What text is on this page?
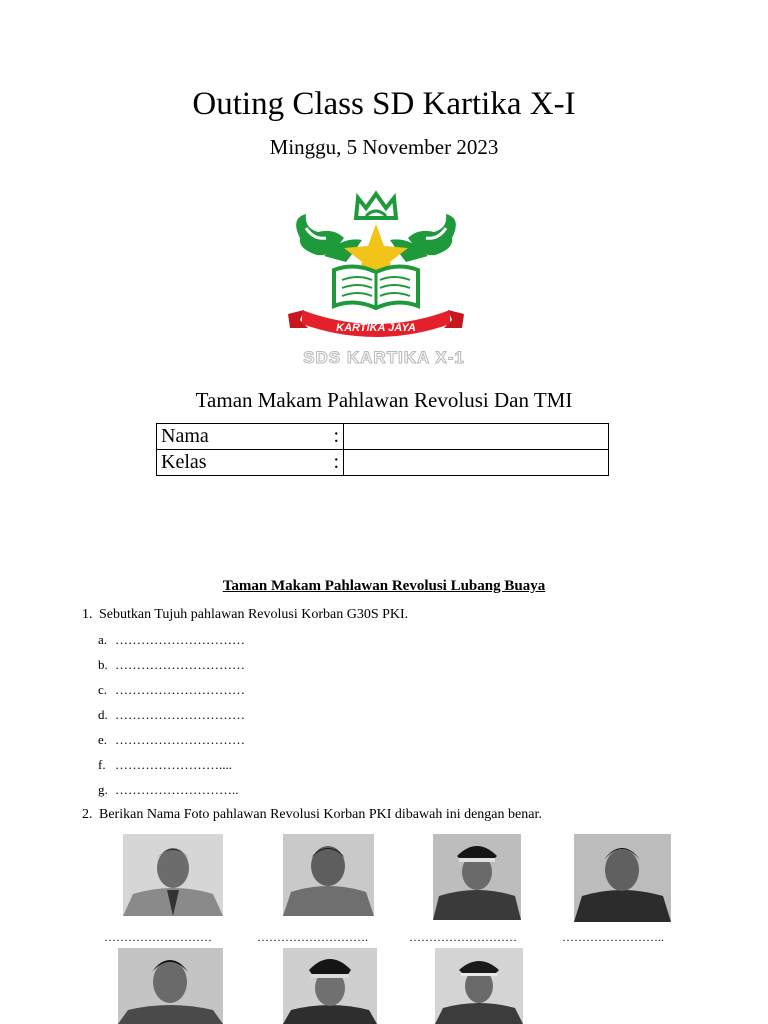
Outing Class SD Kartika X-I
Minggu, 5 November 2023
KARTIKA JAYA
SDS KARTIKA X-1
Taman Makam Pahlawan Revolusi Dan TMI
Nama :	

Kelas :	

Taman Makam Pahlawan Revolusi Lubang Buaya
1. Sebutkan Tujuh pahlawan Revolusi Korban G30S PKI.
a. …………………………
b. …………………………
c. …………………………
d. …………………………
e. …………………………
f. ……………………....
g. ………………………..
2. Berikan Nama Foto pahlawan Revolusi Korban PKI dibawah ini dengan benar.
………………………	……………………….	………………………	……………………..
